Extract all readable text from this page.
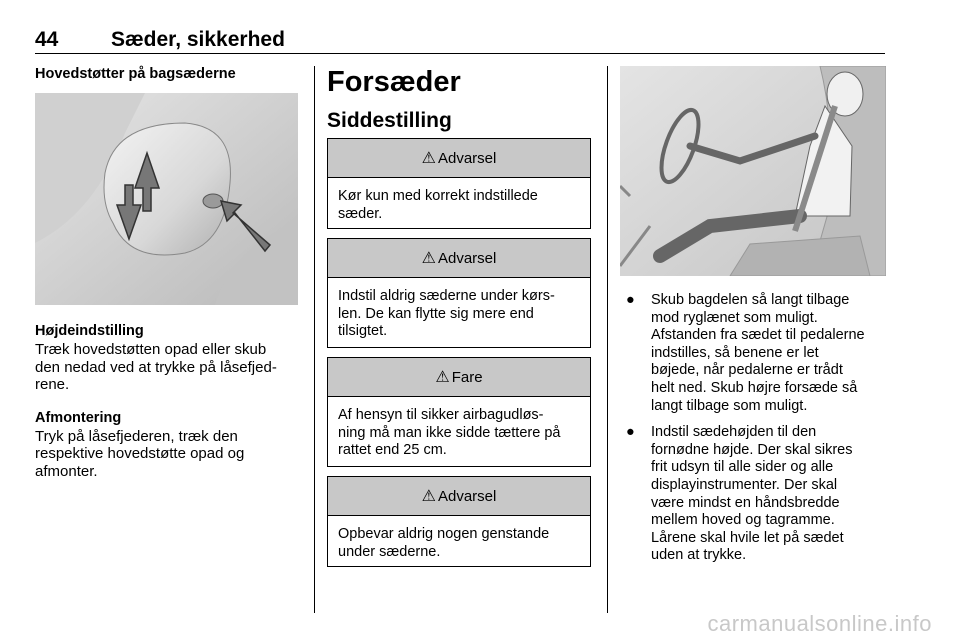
44	Sæder, sikkerhed

Hovedstøtter på bagsæderne

Højdeindstilling

Træk hovedstøtten opad eller skub

den nedad ved at trykke på låsefjed-

rene.

Afmontering

Tryk på låsefjederen, træk den

respektive hovedstøtte opad og

afmonter.

Forsæder

Siddestilling

⚠ Advarsel
Kør kun med korrekt indstillede
sæder.
⚠ Advarsel
Indstil aldrig sæderne under kørs-
len. De kan flytte sig mere end
tilsigtet.
⚠ Fare
Af hensyn til sikker airbagudløs-
ning må man ikke sidde tættere på
rattet end 25 cm.
⚠ Advarsel
Opbevar aldrig nogen genstande
under sæderne.
● Skub bagdelen så langt tilbage
mod ryglænet som muligt.
Afstanden fra sædet til pedalerne
indstilles, så benene er let
bøjede, når pedalerne er trådt
helt ned. Skub højre forsæde så
langt tilbage som muligt.
● Indstil sædehøjden til den
fornødne højde. Der skal sikres
frit udsyn til alle sider og alle
displayinstrumenter. Der skal
være mindst en håndsbredde
mellem hoved og tagramme.
Lårene skal hvile let på sædet
uden at trykke.
carmanualsonline.info
